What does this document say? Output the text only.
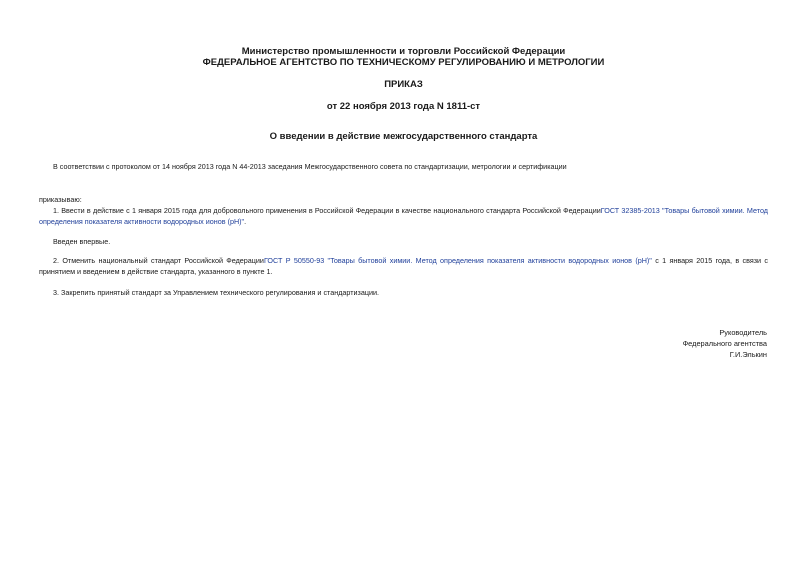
Министерство промышленности и торговли Российской Федерации

ФЕДЕРАЛЬНОЕ АГЕНТСТВО ПО ТЕХНИЧЕСКОМУ РЕГУЛИРОВАНИЮ И МЕТРОЛОГИИ

ПРИКАЗ

от 22 ноября 2013 года N 1811-ст

О введении в действие межгосударственного стандарта

В соответствии с протоколом от 14 ноября 2013 года N 44-2013 заседания Межгосударственного совета по стандартизации, метрологии и сертификации

приказываю:

1. Ввести в действие с 1 января 2015 года для добровольного применения в Российской Федерации в качестве национального стандарта Российской ФедерацииГОСТ 32385-2013 "Товары бытовой химии. Метод определения показателя активности водородных ионов (pH)".

Введен впервые.

2. Отменить национальный стандарт Российской ФедерацииГОСТ Р 50550-93 "Товары бытовой химии. Метод определения показателя активности водородных ионов (pH)" с 1 января 2015 года, в связи с принятием и введением в действие стандарта, указанного в пункте 1.

3. Закрепить принятый стандарт за Управлением технического регулирования и стандартизации.

Руководитель

Федерального агентства

Г.И.Элькин
